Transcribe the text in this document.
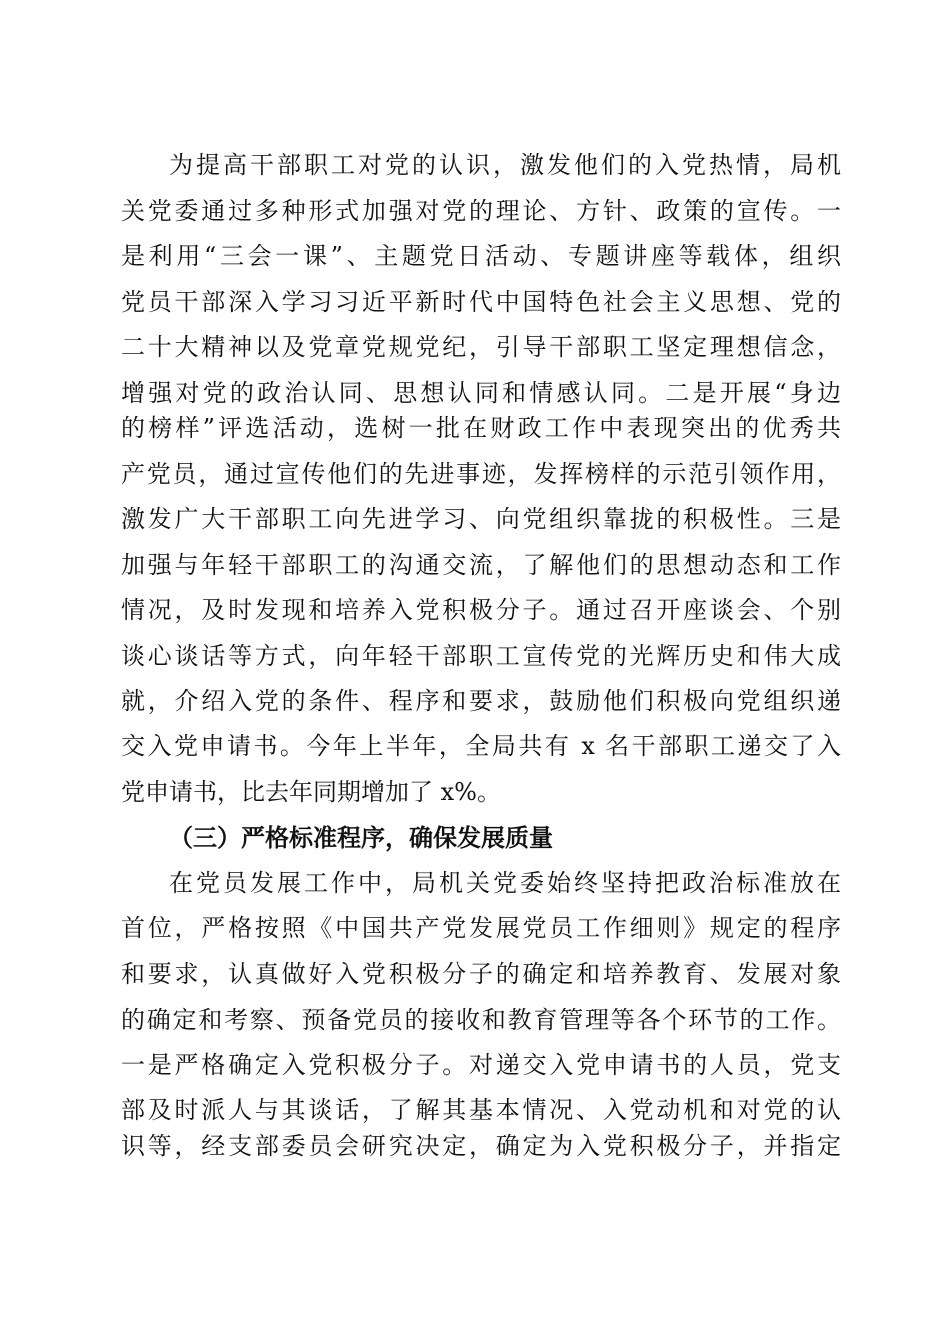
为提高干部职工对党的认识，激发他们的入党热情，局机
关党委通过多种形式加强对党的理论、方针、政策的宣传。一
是利用“三会一课”、主题党日活动、专题讲座等载体，组织
党员干部深入学习习近平新时代中国特色社会主义思想、党的
二十大精神以及党章党规党纪，引导干部职工坚定理想信念，
增强对党的政治认同、思想认同和情感认同。二是开展“身边
的榜样”评选活动，选树一批在财政工作中表现突出的优秀共
产党员，通过宣传他们的先进事迹，发挥榜样的示范引领作用，
激发广大干部职工向先进学习、向党组织靠拢的积极性。三是
加强与年轻干部职工的沟通交流，了解他们的思想动态和工作
情况，及时发现和培养入党积极分子。通过召开座谈会、个别
谈心谈话等方式，向年轻干部职工宣传党的光辉历史和伟大成
就，介绍入党的条件、程序和要求，鼓励他们积极向党组织递
交入党申请书。今年上半年，全局共有 x 名干部职工递交了入
党申请书，比去年同期增加了 x%。
（三）严格标准程序，确保发展质量
在党员发展工作中，局机关党委始终坚持把政治标准放在
首位，严格按照《中国共产党发展党员工作细则》规定的程序
和要求，认真做好入党积极分子的确定和培养教育、发展对象
的确定和考察、预备党员的接收和教育管理等各个环节的工作。
一是严格确定入党积极分子。对递交入党申请书的人员，党支
部及时派人与其谈话，了解其基本情况、入党动机和对党的认
识等，经支部委员会研究决定，确定为入党积极分子，并指定
